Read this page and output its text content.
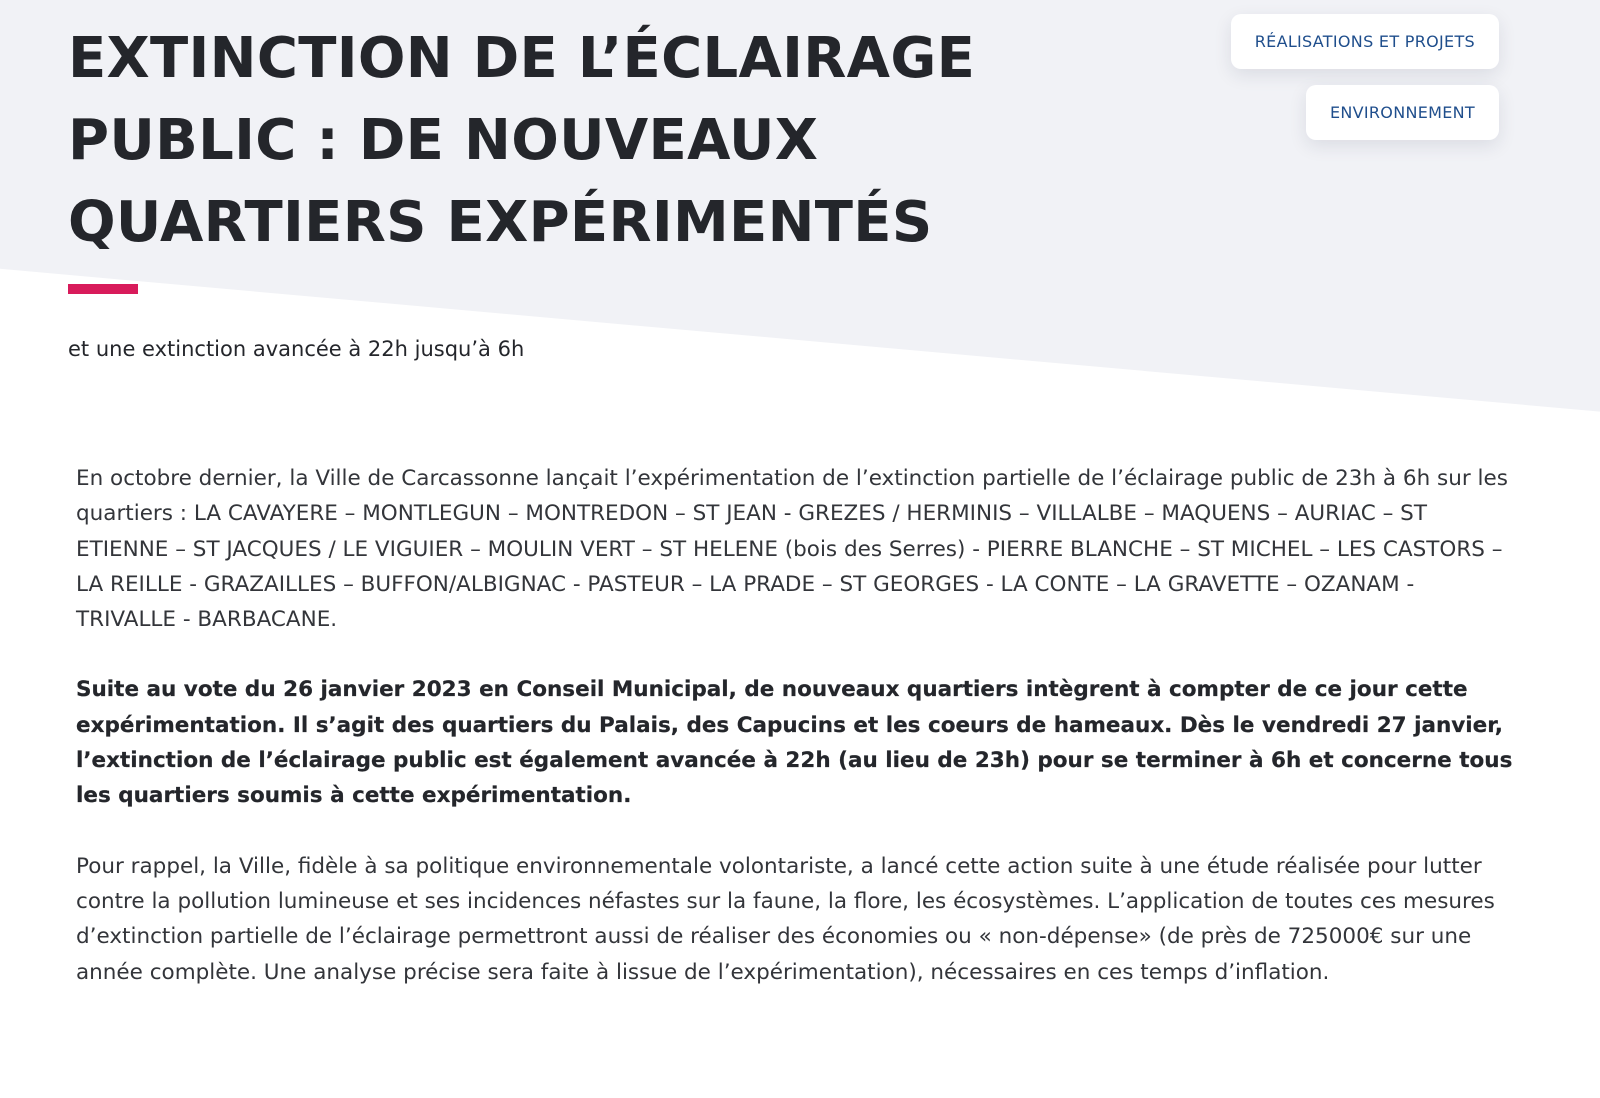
EXTINCTION DE L’ÉCLAIRAGE PUBLIC : DE NOUVEAUX QUARTIERS EXPÉRIMENTÉS

et une extinction avancée à 22h jusqu’à 6h

RÉALISATIONS ET PROJETS
ENVIRONNEMENT

En octobre dernier, la Ville de Carcassonne lançait l’expérimentation de l’extinction partielle de l’éclairage public de 23h à 6h sur les quartiers : LA CAVAYERE – MONTLEGUN – MONTREDON – ST JEAN - GREZES / HERMINIS – VILLALBE – MAQUENS – AURIAC – ST ETIENNE – ST JACQUES / LE VIGUIER – MOULIN VERT – ST HELENE (bois des Serres) - PIERRE BLANCHE – ST MICHEL – LES CASTORS – LA REILLE - GRAZAILLES – BUFFON/ALBIGNAC - PASTEUR – LA PRADE – ST GEORGES - LA CONTE – LA GRAVETTE – OZANAM - TRIVALLE - BARBACANE.

Suite au vote du 26 janvier 2023 en Conseil Municipal, de nouveaux quartiers intègrent à compter de ce jour cette expérimentation. Il s’agit des quartiers du Palais, des Capucins et les coeurs de hameaux. Dès le vendredi 27 janvier, l’extinction de l’éclairage public est également avancée à 22h (au lieu de 23h) pour se terminer à 6h et concerne tous les quartiers soumis à cette expérimentation.

Pour rappel, la Ville, fidèle à sa politique environnementale volontariste, a lancé cette action suite à une étude réalisée pour lutter contre la pollution lumineuse et ses incidences néfastes sur la faune, la flore, les écosystèmes. L’application de toutes ces mesures d’extinction partielle de l’éclairage permettront aussi de réaliser des économies ou « non-dépense» (de près de 725000€ sur une année complète. Une analyse précise sera faite à lissue de l’expérimentation), nécessaires en ces temps d’inflation.
